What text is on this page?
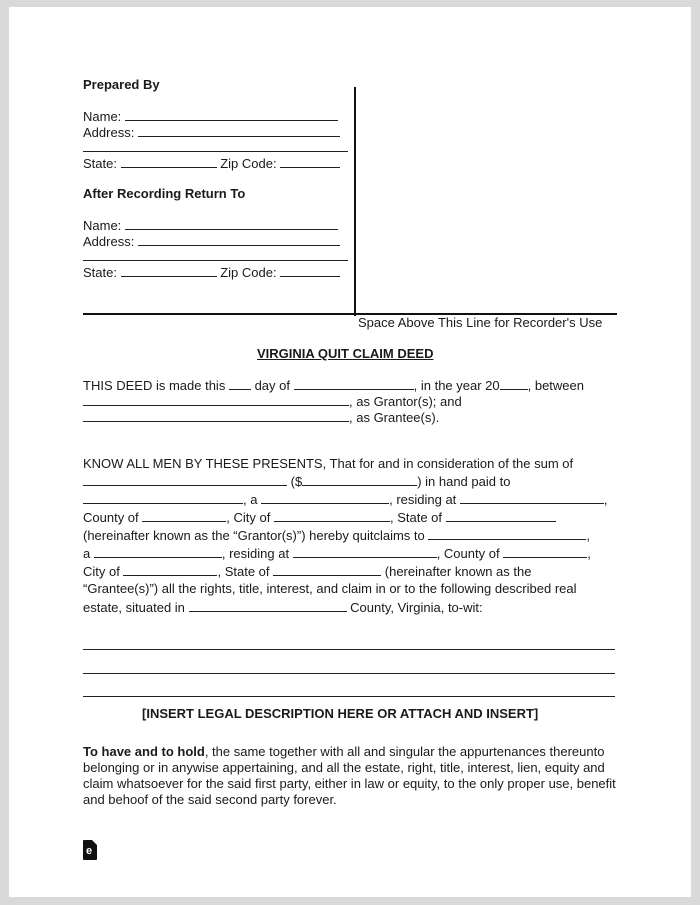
Prepared By
Name:
Address:
State:	Zip Code:
After Recording Return To
Name:
Address:
State:	Zip Code:
Space Above This Line for Recorder's Use
VIRGINIA QUIT CLAIM DEED
THIS DEED is made this day of	, in the year 20 , between
, as Grantor(s); and
, as Grantee(s).
KNOW ALL MEN BY THESE PRESENTS, That for and in consideration of the sum of
($	) in hand paid to
, a	, residing at	,
County of	, City of	, State of
(hereinafter known as the “Grantor(s)”) hereby quitclaims to	,
a	, residing at	, County of	,
City of	, State of	(hereinafter known as the
“Grantee(s)”) all the rights, title, interest, and claim in or to the following described real
estate, situated in	County, Virginia, to-wit:
[INSERT LEGAL DESCRIPTION HERE OR ATTACH AND INSERT]
To have and to hold, the same together with all and singular the appurtenances thereunto belonging or in anywise appertaining, and all the estate, right, title, interest, lien, equity and claim whatsoever for the said first party, either in law or equity, to the only proper use, benefit and behoof of the said second party forever.
e
